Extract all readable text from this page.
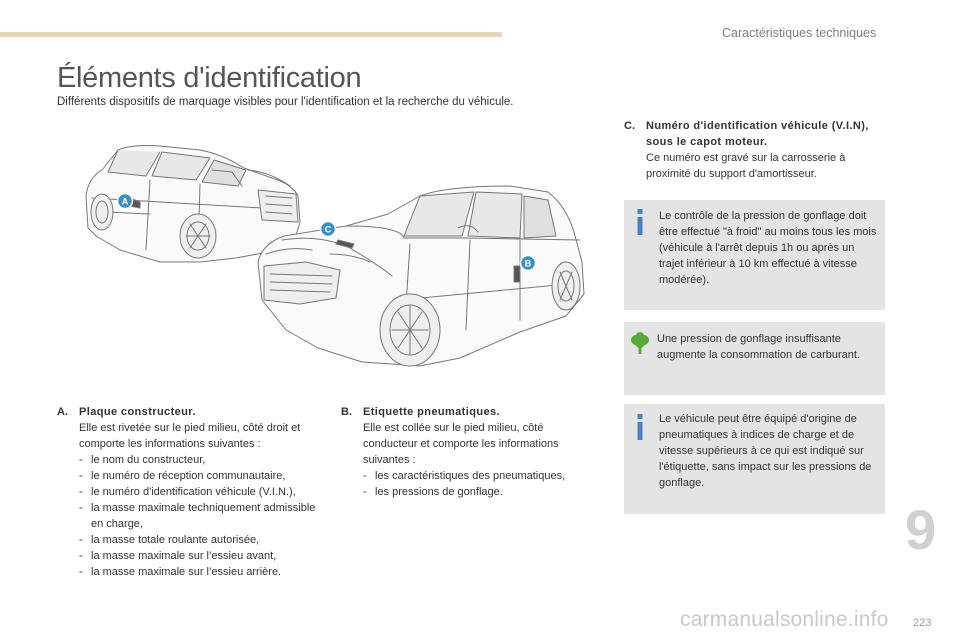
Caractéristiques techniques
Éléments d'identification
Différents dispositifs de marquage visibles pour l'identification et la recherche du véhicule.
A
C
B
A. Plaque constructeur.
Elle est rivetée sur le pied milieu, côté droit et comporte les informations suivantes :
- le nom du constructeur,
- le numéro de réception communautaire,
- le numéro d'identification véhicule (V.I.N.),
- la masse maximale techniquement admissible en charge,
- la masse totale roulante autorisée,
- la masse maximale sur l’essieu avant,
- la masse maximale sur l’essieu arrière.
B. Etiquette pneumatiques.
Elle est collée sur le pied milieu, côté conducteur et comporte les informations suivantes :
- les caractéristiques des pneumatiques,
- les pressions de gonflage.
C. Numéro d'identification véhicule (V.I.N), sous le capot moteur.
Ce numéro est gravé sur la carrosserie à proximité du support d'amortisseur.
Le contrôle de la pression de gonflage doit être effectué "à froid" au moins tous les mois (véhicule à l'arrêt depuis 1h ou après un trajet inférieur à 10 km effectué à vitesse modérée).
Une pression de gonflage insuffisante augmente la consommation de carburant.
Le véhicule peut être équipé d'origine de pneumatiques à indices de charge et de vitesse supérieurs à ce qui est indiqué sur l'étiquette, sans impact sur les pressions de gonflage.
9
carmanualsonline.info 223
